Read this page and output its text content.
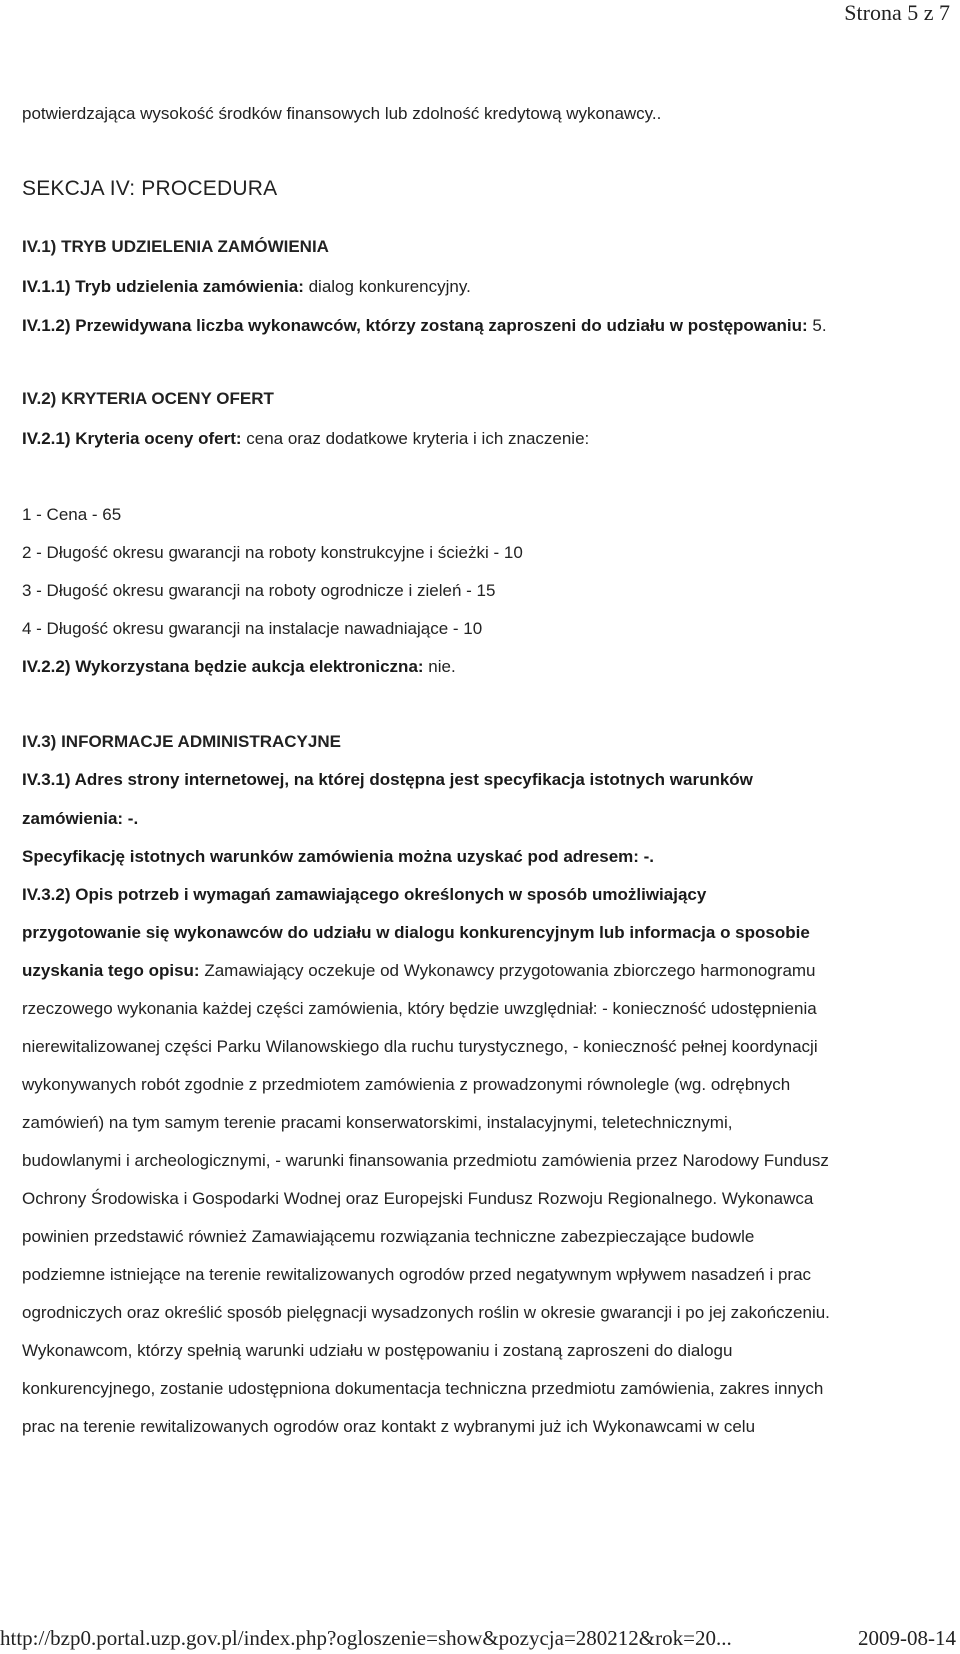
Strona 5 z 7
potwierdzająca wysokość środków finansowych lub zdolność kredytową wykonawcy..
SEKCJA IV: PROCEDURA
IV.1) TRYB UDZIELENIA ZAMÓWIENIA
IV.1.1) Tryb udzielenia zamówienia: dialog konkurencyjny.
IV.1.2) Przewidywana liczba wykonawców, którzy zostaną zaproszeni do udziału w postępowaniu: 5.
IV.2) KRYTERIA OCENY OFERT
IV.2.1) Kryteria oceny ofert: cena oraz dodatkowe kryteria i ich znaczenie:
1 - Cena - 65
2 - Długość okresu gwarancji na roboty konstrukcyjne i ścieżki - 10
3 - Długość okresu gwarancji na roboty ogrodnicze i zieleń - 15
4 - Długość okresu gwarancji na instalacje nawadniające - 10
IV.2.2) Wykorzystana będzie aukcja elektroniczna: nie.
IV.3) INFORMACJE ADMINISTRACYJNE
IV.3.1) Adres strony internetowej, na której dostępna jest specyfikacja istotnych warunków
zamówienia: -.
Specyfikację istotnych warunków zamówienia można uzyskać pod adresem: -.
IV.3.2) Opis potrzeb i wymagań zamawiającego określonych w sposób umożliwiający
przygotowanie się wykonawców do udziału w dialogu konkurencyjnym lub informacja o sposobie
uzyskania tego opisu: Zamawiający oczekuje od Wykonawcy przygotowania zbiorczego harmonogramu
rzeczowego wykonania każdej części zamówienia, który będzie uwzględniał: - konieczność udostępnienia
nierewitalizowanej części Parku Wilanowskiego dla ruchu turystycznego, - konieczność pełnej koordynacji
wykonywanych robót zgodnie z przedmiotem zamówienia z prowadzonymi równolegle (wg. odrębnych
zamówień) na tym samym terenie pracami konserwatorskimi, instalacyjnymi, teletechnicznymi,
budowlanymi i archeologicznymi, - warunki finansowania przedmiotu zamówienia przez Narodowy Fundusz
Ochrony Środowiska i Gospodarki Wodnej oraz Europejski Fundusz Rozwoju Regionalnego. Wykonawca
powinien przedstawić również Zamawiającemu rozwiązania techniczne zabezpieczające budowle
podziemne istniejące na terenie rewitalizowanych ogrodów przed negatywnym wpływem nasadzeń i prac
ogrodniczych oraz określić sposób pielęgnacji wysadzonych roślin w okresie gwarancji i po jej zakończeniu.
Wykonawcom, którzy spełnią warunki udziału w postępowaniu i zostaną zaproszeni do dialogu
konkurencyjnego, zostanie udostępniona dokumentacja techniczna przedmiotu zamówienia, zakres innych
prac na terenie rewitalizowanych ogrodów oraz kontakt z wybranymi już ich Wykonawcami w celu
http://bzp0.portal.uzp.gov.pl/index.php?ogloszenie=show&pozycja=280212&rok=20...	2009-08-14
